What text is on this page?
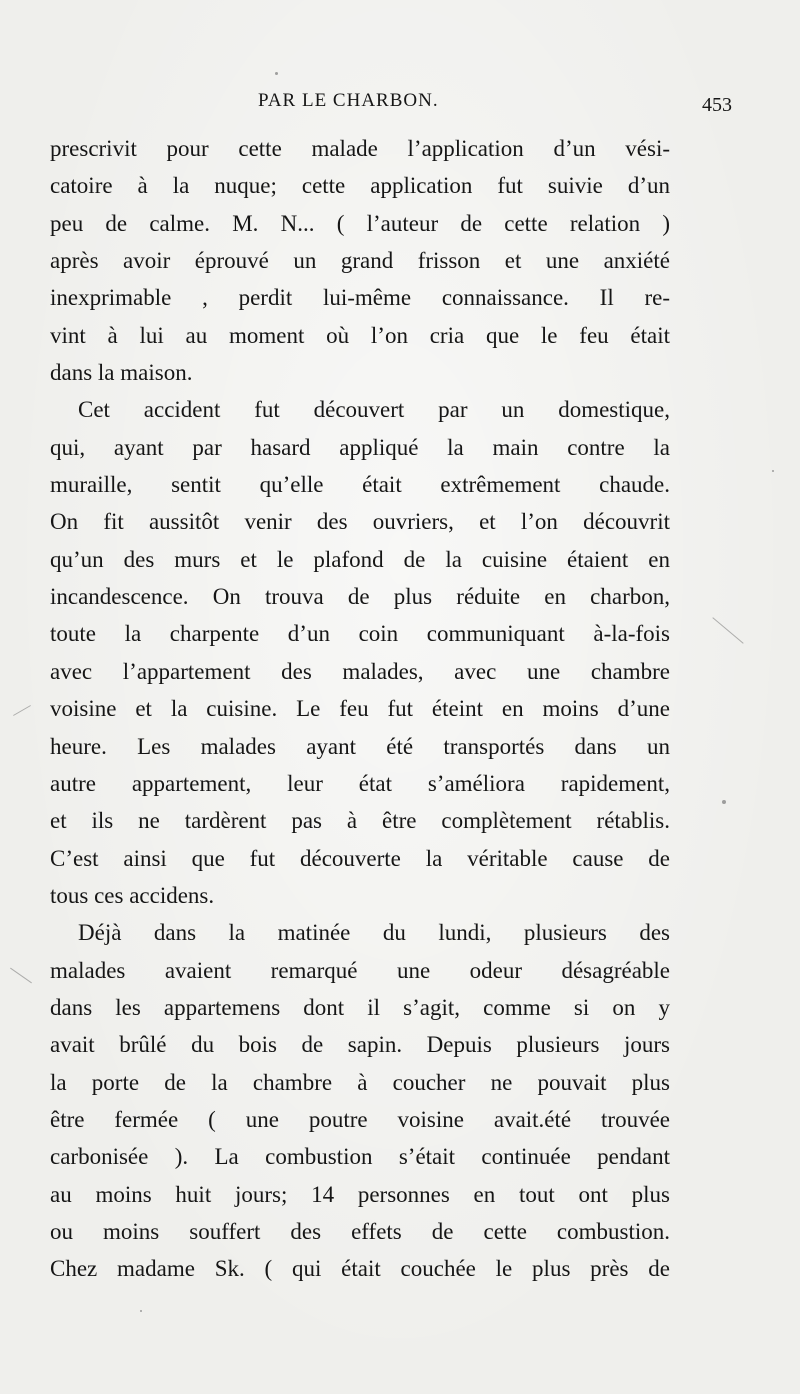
PAR LE CHARBON.	453
prescrivit pour cette malade l’application d’un vési-
catoire à la nuque; cette application fut suivie d’un
peu de calme. M. N... ( l’auteur de cette relation )
après avoir éprouvé un grand frisson et une anxiété
inexprimable , perdit lui-même connaissance. Il re-
vint à lui au moment où l’on cria que le feu était
dans la maison.
Cet accident fut découvert par un domestique,
qui, ayant par hasard appliqué la main contre la
muraille, sentit qu’elle était extrêmement chaude.
On fit aussitôt venir des ouvriers, et l’on découvrit
qu’un des murs et le plafond de la cuisine étaient en
incandescence. On trouva de plus réduite en charbon,
toute la charpente d’un coin communiquant à-la-fois
avec l’appartement des malades, avec une chambre
voisine et la cuisine. Le feu fut éteint en moins d’une
heure. Les malades ayant été transportés dans un
autre appartement, leur état s’améliora rapidement,
et ils ne tardèrent pas à être complètement rétablis.
C’est ainsi que fut découverte la véritable cause de
tous ces accidens.
Déjà dans la matinée du lundi, plusieurs des
malades avaient remarqué une odeur désagréable
dans les appartemens dont il s’agit, comme si on y
avait brûlé du bois de sapin. Depuis plusieurs jours
la porte de la chambre à coucher ne pouvait plus
être fermée ( une poutre voisine avait.été trouvée
carbonisée ). La combustion s’était continuée pendant
au moins huit jours; 14 personnes en tout ont plus
ou moins souffert des effets de cette combustion.
Chez madame Sk. ( qui était couchée le plus près de
